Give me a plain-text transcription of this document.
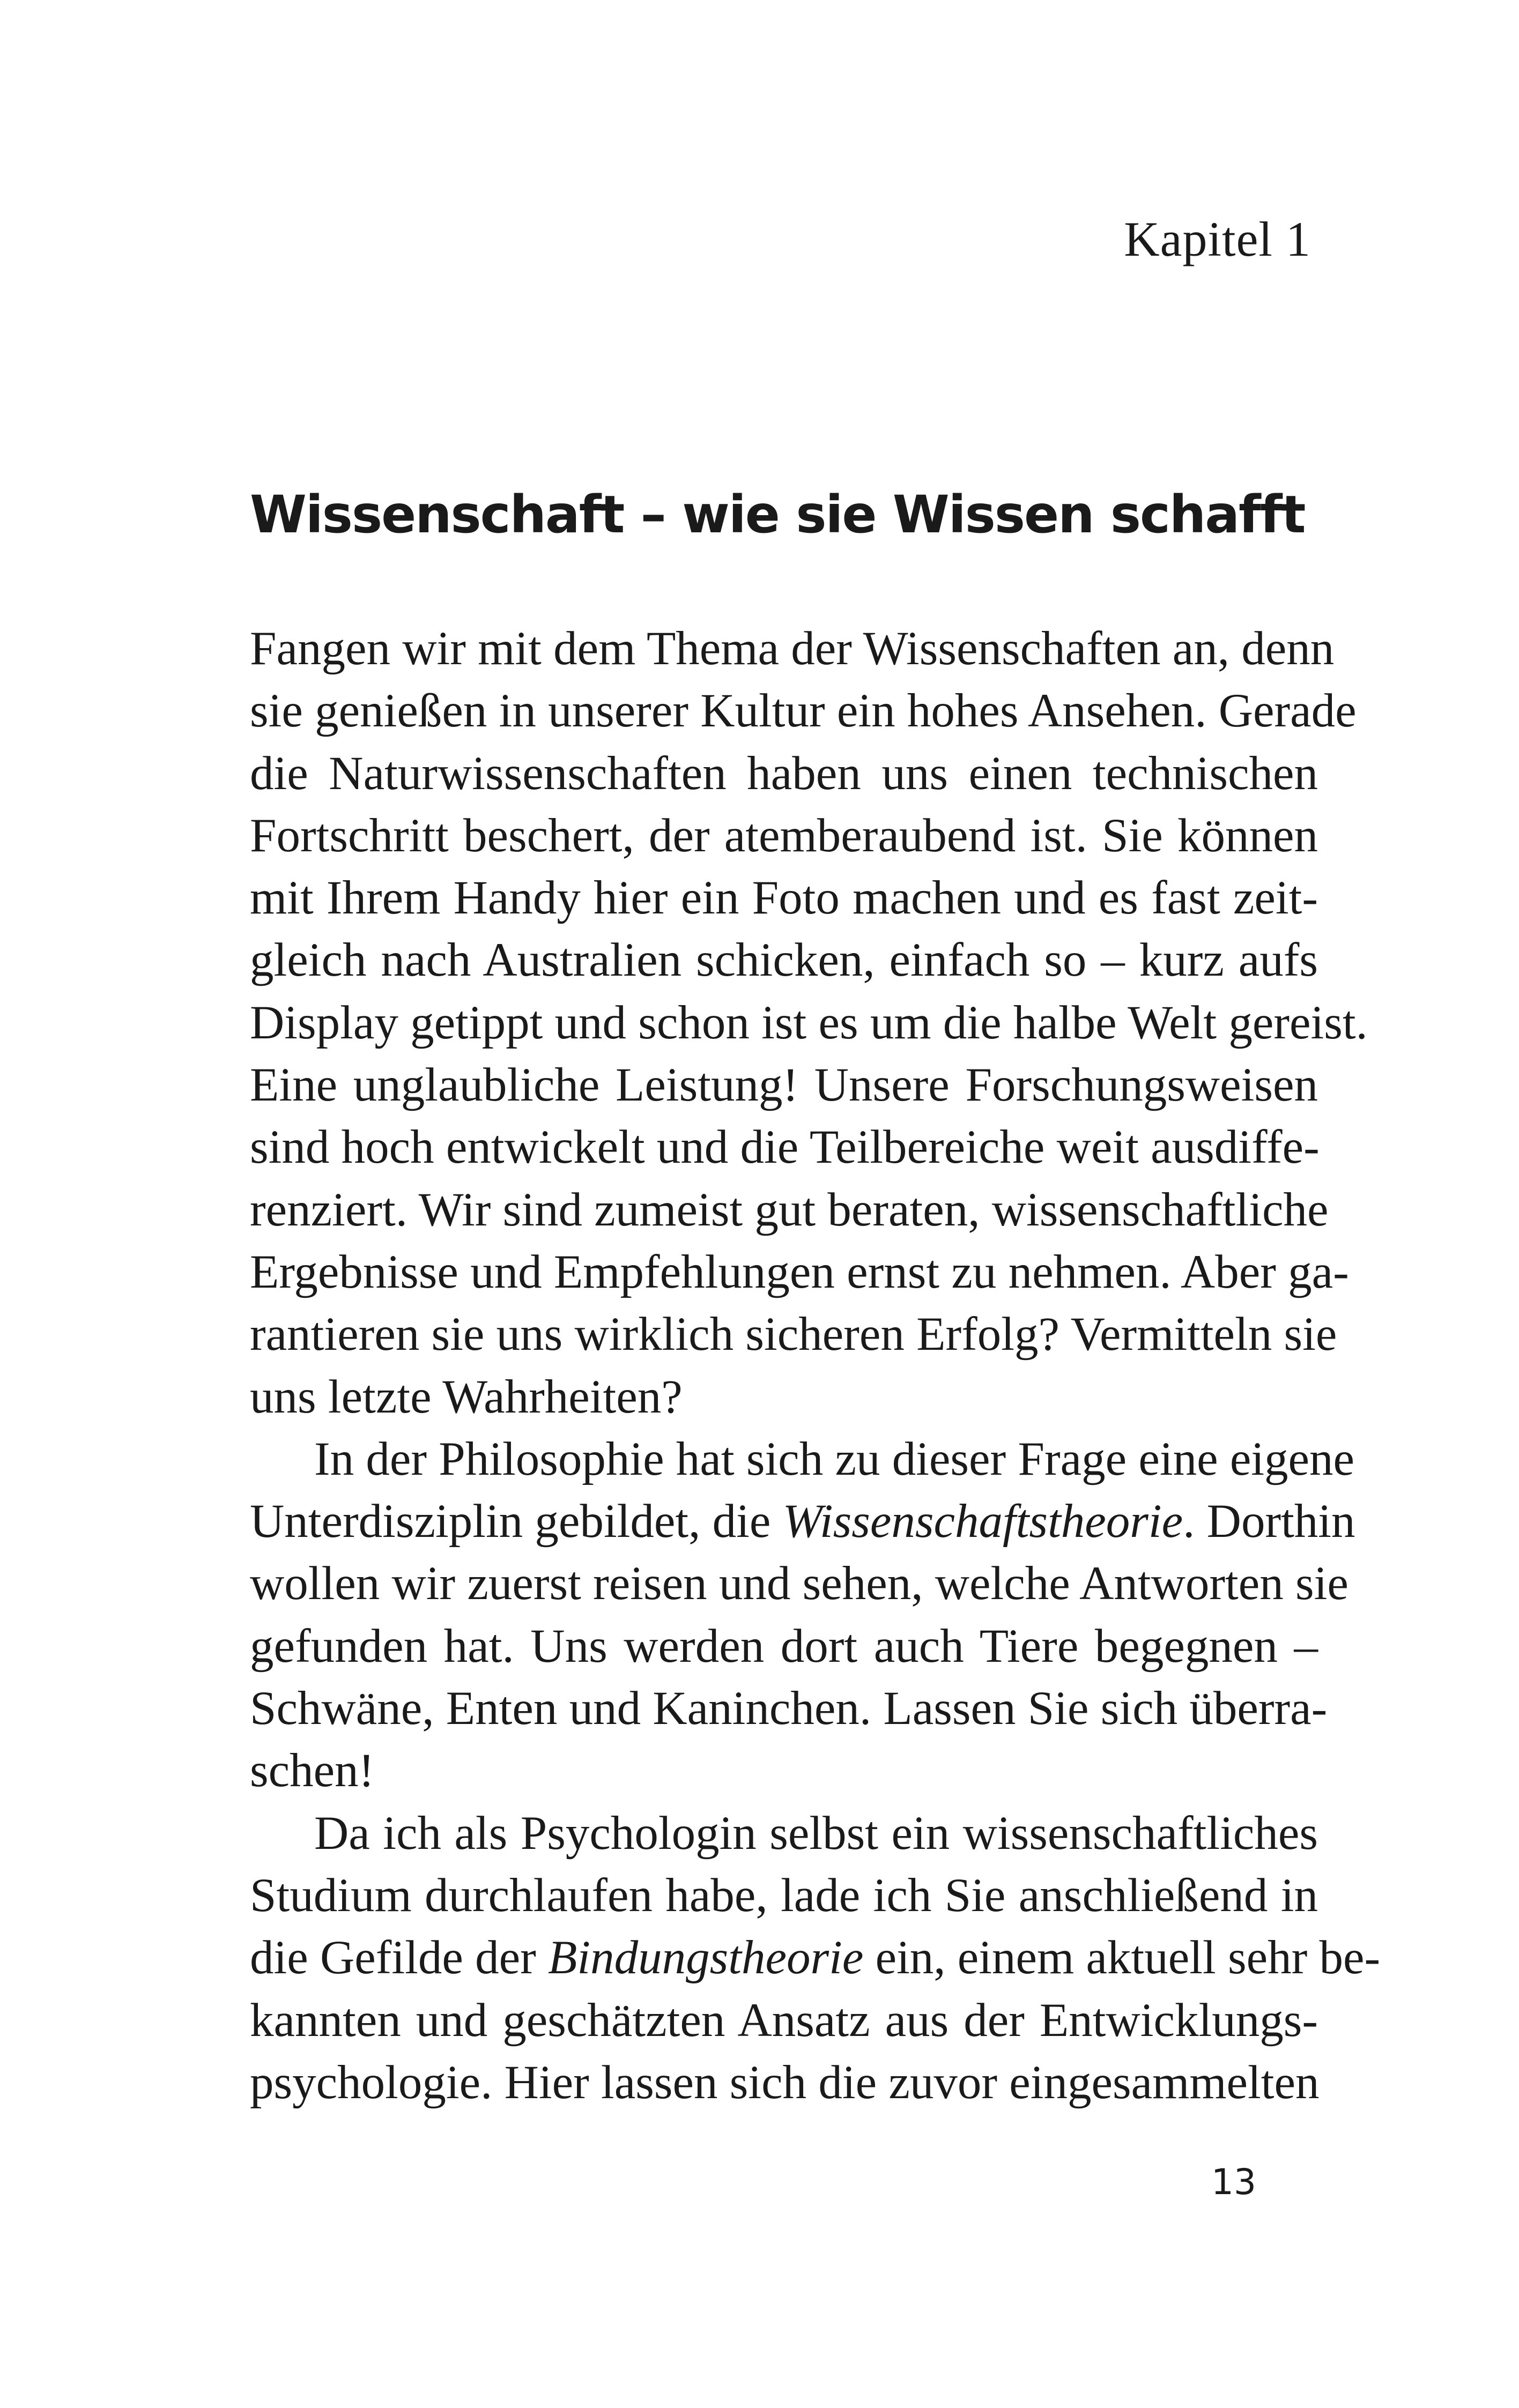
Kapitel 1
Wissenschaft – wie sie Wissen schafft
Fangen wir mit dem Thema der Wissenschaften an, denn
sie genießen in unserer Kultur ein hohes Ansehen. Gerade
die Naturwissenschaften haben uns einen technischen
Fortschritt beschert, der atemberaubend ist. Sie können
mit Ihrem Handy hier ein Foto machen und es fast zeit-
gleich nach Australien schicken, einfach so – kurz aufs
Display getippt und schon ist es um die halbe Welt gereist.
Eine unglaubliche Leistung! Unsere Forschungsweisen
sind hoch entwickelt und die Teilbereiche weit ausdiffe-
renziert. Wir sind zumeist gut beraten, wissenschaftliche
Ergebnisse und Empfehlungen ernst zu nehmen. Aber ga-
rantieren sie uns wirklich sicheren Erfolg? Vermitteln sie
uns letzte Wahrheiten?
In der Philosophie hat sich zu dieser Frage eine eigene
Unterdisziplin gebildet, die Wissenschaftstheorie. Dorthin
wollen wir zuerst reisen und sehen, welche Antworten sie
gefunden hat. Uns werden dort auch Tiere begegnen –
Schwäne, Enten und Kaninchen. Lassen Sie sich überra-
schen!
Da ich als Psychologin selbst ein wissenschaftliches
Studium durchlaufen habe, lade ich Sie anschließend in
die Gefilde der Bindungstheorie ein, einem aktuell sehr be-
kannten und geschätzten Ansatz aus der Entwicklungs-
psychologie. Hier lassen sich die zuvor eingesammelten
13
